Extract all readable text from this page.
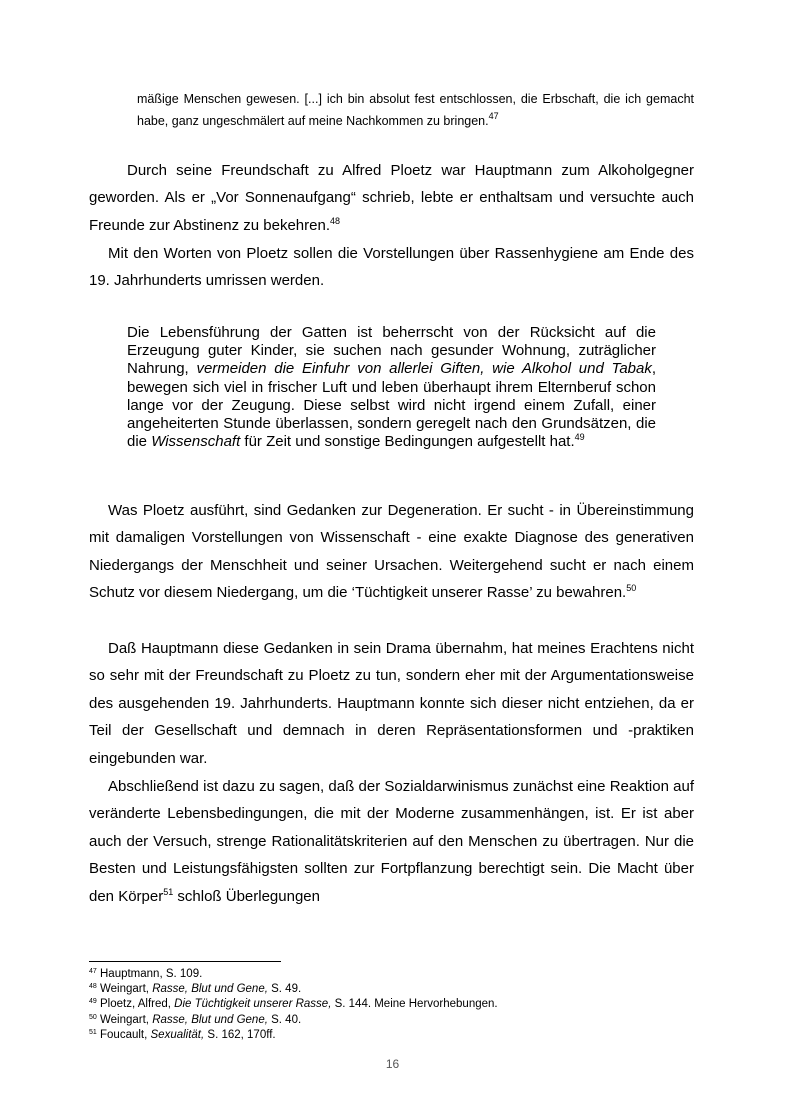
mäßige Menschen gewesen. [...] ich bin absolut fest entschlossen, die Erbschaft, die ich gemacht habe, ganz ungeschmälert auf meine Nachkommen zu bringen.$^{47}$

Durch seine Freundschaft zu Alfred Ploetz war Hauptmann zum Alkoholgegner geworden. Als er „Vor Sonnenaufgang“ schrieb, lebte er enthaltsam und versuchte auch Freunde zur Abstinenz zu bekehren.$^{48}$

Mit den Worten von Ploetz sollen die Vorstellungen über Rassenhygiene am Ende des 19. Jahrhunderts umrissen werden.

Die Lebensführung der Gatten ist beherrscht von der Rücksicht auf die Erzeugung guter Kinder, sie suchen nach gesunder Wohnung, zuträglicher Nahrung, vermeiden die Einfuhr von allerlei Giften, wie Alkohol und Tabak, bewegen sich viel in frischer Luft und leben überhaupt ihrem Elternberuf schon lange vor der Zeugung. Diese selbst wird nicht irgend einem Zufall, einer angeheiterten Stunde überlassen, sondern geregelt nach den Grundsätzen, die die Wissenschaft für Zeit und sonstige Bedingungen aufgestellt hat.$^{49}$

Was Ploetz ausführt, sind Gedanken zur Degeneration. Er sucht - in Übereinstimmung mit damaligen Vorstellungen von Wissenschaft - eine exakte Diagnose des generativen Niedergangs der Menschheit und seiner Ursachen. Weitergehend sucht er nach einem Schutz vor diesem Niedergang, um die ‘Tüchtigkeit unserer Rasse’ zu bewahren.$^{50}$

Daß Hauptmann diese Gedanken in sein Drama übernahm, hat meines Erachtens nicht so sehr mit der Freundschaft zu Ploetz zu tun, sondern eher mit der Argumentationsweise des ausgehenden 19. Jahrhunderts. Hauptmann konnte sich dieser nicht entziehen, da er Teil der Gesellschaft und demnach in deren Repräsentationsformen und -praktiken eingebunden war.

Abschließend ist dazu zu sagen, daß der Sozialdarwinismus zunächst eine Reaktion auf veränderte Lebensbedingungen, die mit der Moderne zusammenhängen, ist. Er ist aber auch der Versuch, strenge Rationalitätskriterien auf den Menschen zu übertragen. Nur die Besten und Leistungsfähigsten sollten zur Fortpflanzung berechtigt sein. Die Macht über den Körper$^{51}$ schloß Überlegungen

$^{47}$ Hauptmann, S. 109.
$^{48}$ Weingart, Rasse, Blut und Gene, S. 49.
$^{49}$ Ploetz, Alfred, Die Tüchtigkeit unserer Rasse, S. 144. Meine Hervorhebungen.
$^{50}$ Weingart, Rasse, Blut und Gene, S. 40.
$^{51}$ Foucault, Sexualität, S. 162, 170ff.
16
